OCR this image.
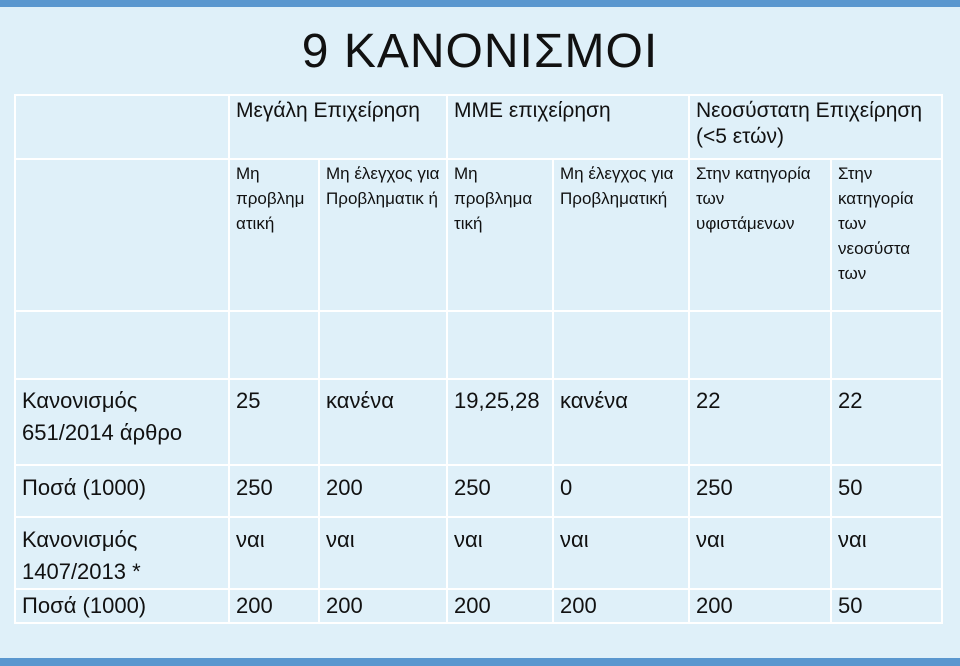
9 ΚΑΝΟΝΙΣΜΟΙ
	Μεγάλη Επιχείρηση		ΜΜΕ επιχείρηση		Νεοσύστατη Επιχείρηση (<5 ετών)	
	Μη προβλημ ατική	Μη έλεγχος για Προβληματικ ή	Μη προβλημα τική	Μη έλεγχος για Προβληματική	Στην κατηγορία των υφιστάμενων	Στην κατηγορία των νεοσύστα των

Κανονισμός 651/2014 άρθρο	25	κανένα	19,25,28	κανένα	22	22
Ποσά (1000)	250	200	250	0	250	50
Κανονισμός 1407/2013 *	ναι	ναι	ναι	ναι	ναι	ναι
Ποσά (1000)	200	200	200	200	200	50
